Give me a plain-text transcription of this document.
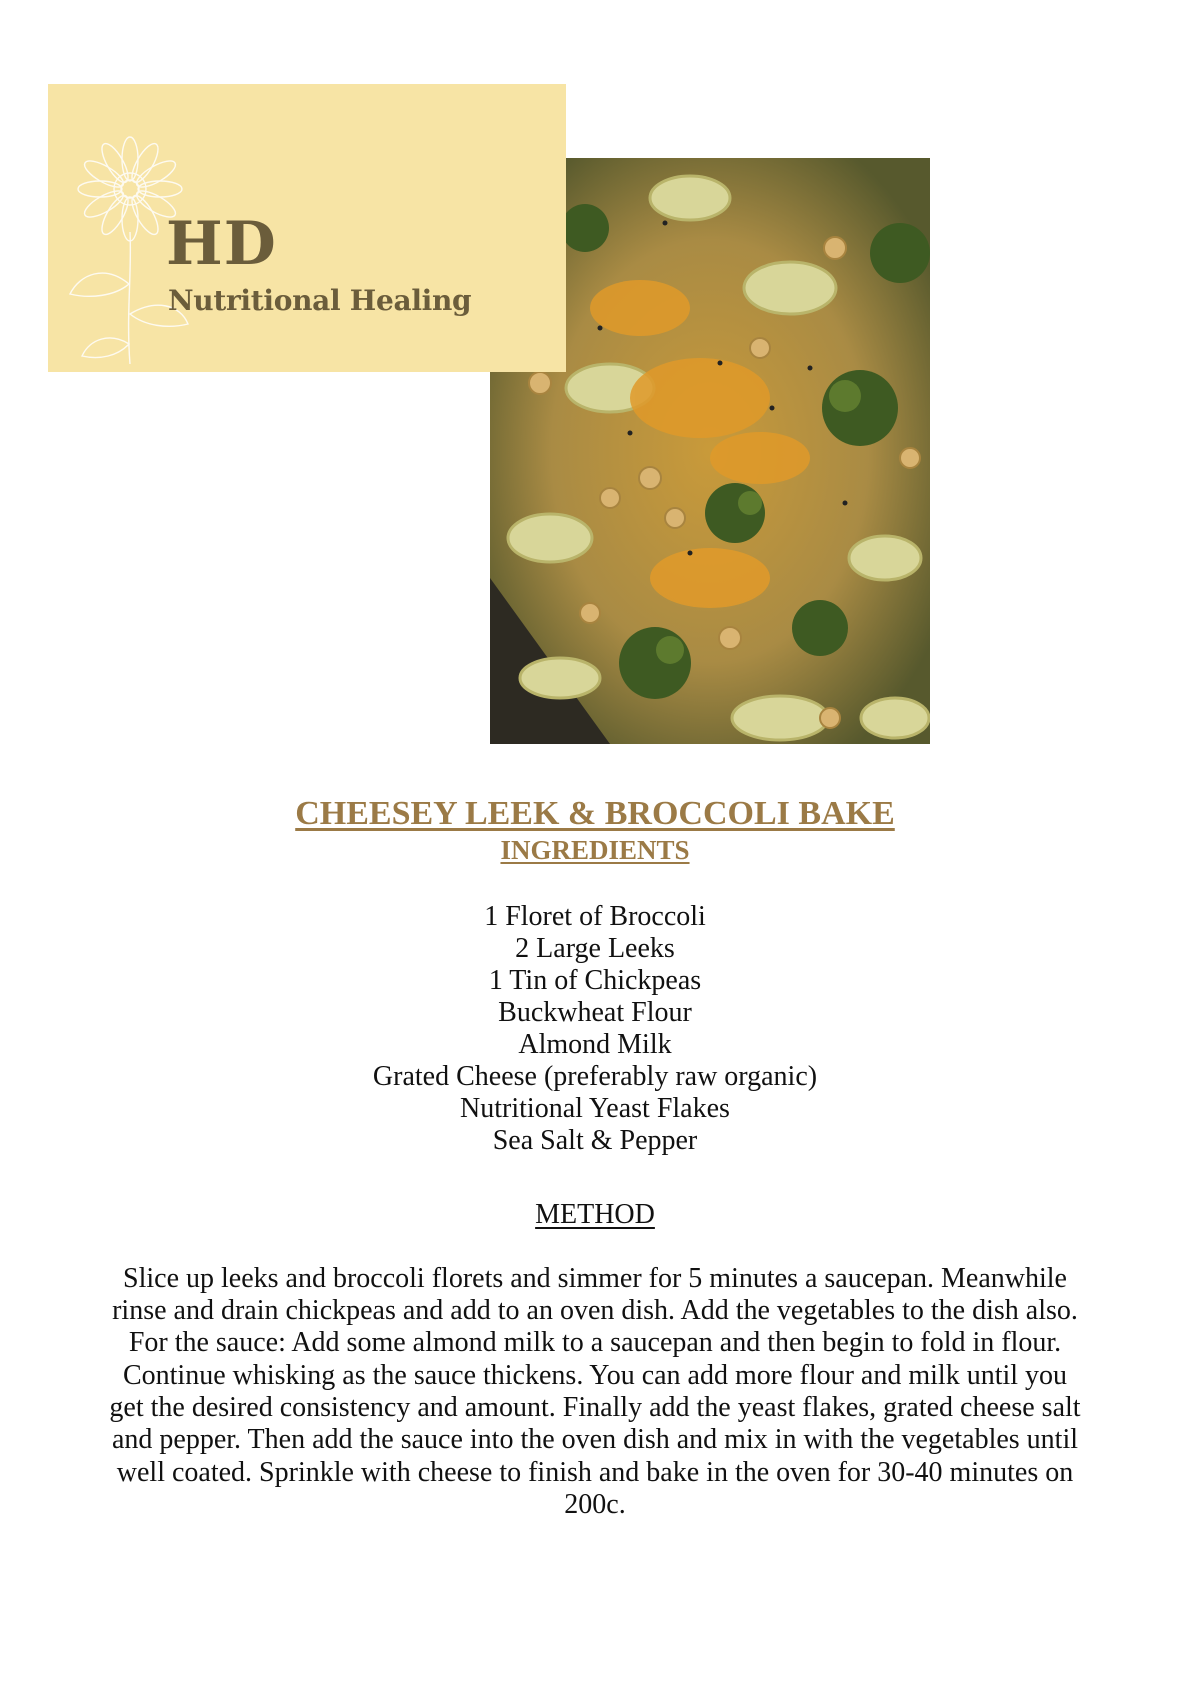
HD
Nutritional Healing
CHEESEY LEEK & BROCCOLI BAKE
INGREDIENTS
1 Floret of Broccoli
2 Large Leeks
1 Tin of Chickpeas
Buckwheat Flour
Almond Milk
Grated Cheese (preferably raw organic)
Nutritional Yeast Flakes
Sea Salt & Pepper
METHOD

Slice up leeks and broccoli florets and simmer for 5 minutes a saucepan. Meanwhile rinse and drain chickpeas and add to an oven dish. Add the vegetables to the dish also. For the sauce: Add some almond milk to a saucepan and then begin to fold in flour. Continue whisking as the sauce thickens. You can add more flour and milk until you get the desired consistency and amount. Finally add the yeast flakes, grated cheese salt and pepper. Then add the sauce into the oven dish and mix in with the vegetables until well coated. Sprinkle with cheese to finish and bake in the oven for 30-40 minutes on 200c.
